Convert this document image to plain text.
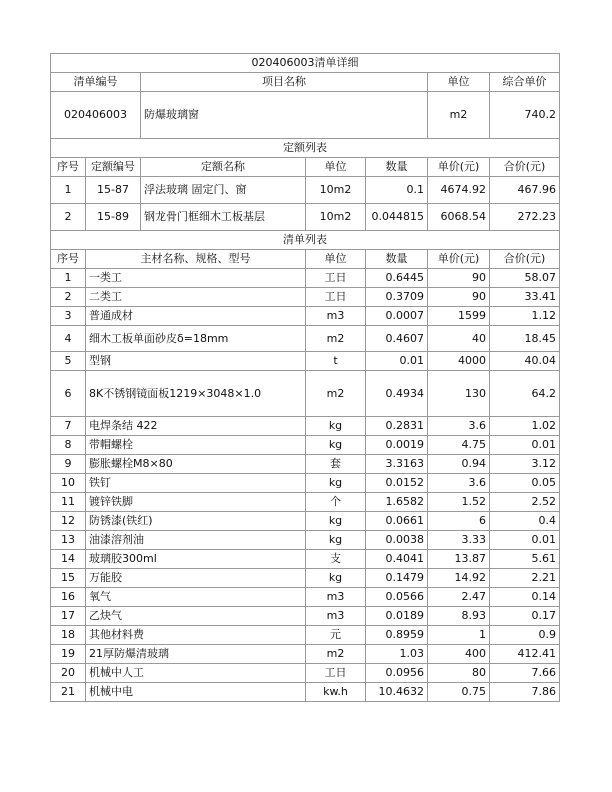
020406003清单详细						
清单编号		项目名称			单位	综合单价
020406003		防爆玻璃窗			m2	740.2
定额列表						
序号	定额编号	定额名称	单位	数量	单价(元)	合价(元)
1	15-87	浮法玻璃 固定门、窗	10m2	0.1	4674.92	467.96
2	15-89	钢龙骨门框细木工板基层	10m2	0.044815	6068.54	272.23
清单列表						
序号	主材名称、规格、型号		单位	数量	单价(元)	合价(元)
1	一类工		工日	0.6445	90	58.07
2	二类工		工日	0.3709	90	33.41
3	普通成材		m3	0.0007	1599	1.12
4	细木工板单面砂皮δ=18mm		m2	0.4607	40	18.45
5	型钢		t	0.01	4000	40.04
6	8K不锈钢镜面板1219×3048×1.0		m2	0.4934	130	64.2
7	电焊条结 422		kg	0.2831	3.6	1.02
8	带帽螺栓		kg	0.0019	4.75	0.01
9	膨胀螺栓M8×80		套	3.3163	0.94	3.12
10	铁钉		kg	0.0152	3.6	0.05
11	镀锌铁脚		个	1.6582	1.52	2.52
12	防锈漆(铁红)		kg	0.0661	6	0.4
13	油漆溶剂油		kg	0.0038	3.33	0.01
14	玻璃胶300ml		支	0.4041	13.87	5.61
15	万能胶		kg	0.1479	14.92	2.21
16	氧气		m3	0.0566	2.47	0.14
17	乙炔气		m3	0.0189	8.93	0.17
18	其他材料费		元	0.8959	1	0.9
19	21厚防爆清玻璃		m2	1.03	400	412.41
20	机械中人工		工日	0.0956	80	7.66
21	机械中电		kw.h	10.4632	0.75	7.86
